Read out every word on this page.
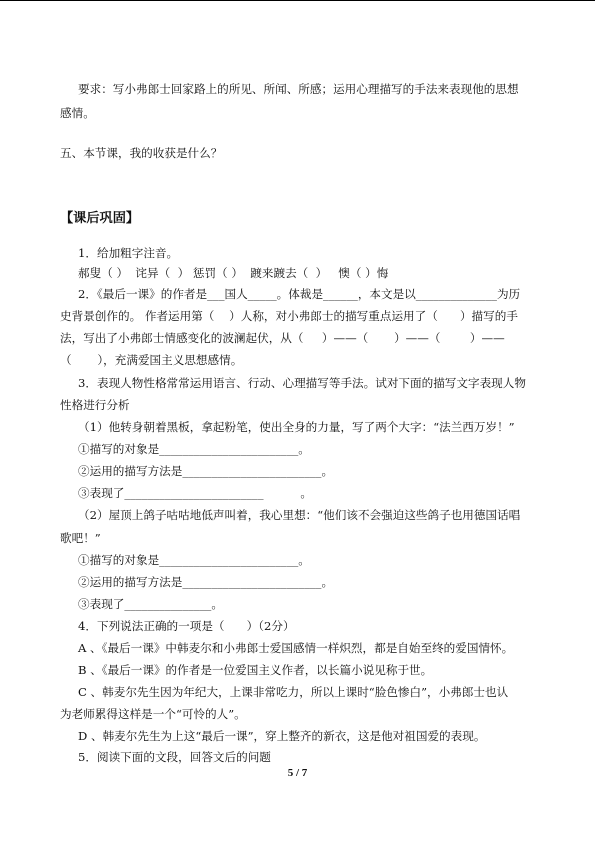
要求：写小弗郎士回家路上的所见、所闻、所感；运用心理描写的手法来表现他的思想
感情。
五、本节课，我的收获是什么？
【课后巩固】
1．给加粗字注音。
郝叟（ ）  诧异（  ） 惩罚（ ）  踱来踱去（  ）   懊（ ）悔
2．《最后一课》的作者是___国人_____。体裁是______，本文是以______________为历
史背景创作的。 作者运用第（    ）人称，对小弗郎士的描写重点运用了（      ）描写的手
法，写出了小弗郎士情感变化的波澜起伏，从（     ）——（       ）——（        ）——
（       ），充满爱国主义思想感情。
3．表现人物性格常常运用语言、行动、心理描写等手法。试对下面的描写文字表现人物
性格进行分析
（1）他转身朝着黑板，拿起粉笔，使出全身的力量，写了两个大字：“法兰西万岁！”
①描写的对象是________________________。
②运用的描写方法是________________________。
③表现了________________________          。
（2）屋顶上鸽子咕咕地低声叫着，我心里想：“他们该不会强迫这些鸽子也用德国话唱
歌吧！”
①描写的对象是________________________。
②运用的描写方法是________________________。
③表现了_______________。
4．下列说法正确的一项是（      ）（2分）
A 、《最后一课》中韩麦尔和小弗郎士爱国感情一样炽烈，都是自始至终的爱国情怀。
B 、《最后一课》的作者是一位爱国主义作者，以长篇小说见称于世。
C 、韩麦尔先生因为年纪大，上课非常吃力，所以上课时“脸色惨白”，小弗郎士也认
为老师累得这样是一个“可怜的人”。
D 、韩麦尔先生为上这“最后一课”，穿上整齐的新衣，这是他对祖国爱的表现。
5．阅读下面的文段，回答文后的问题
5 / 7
